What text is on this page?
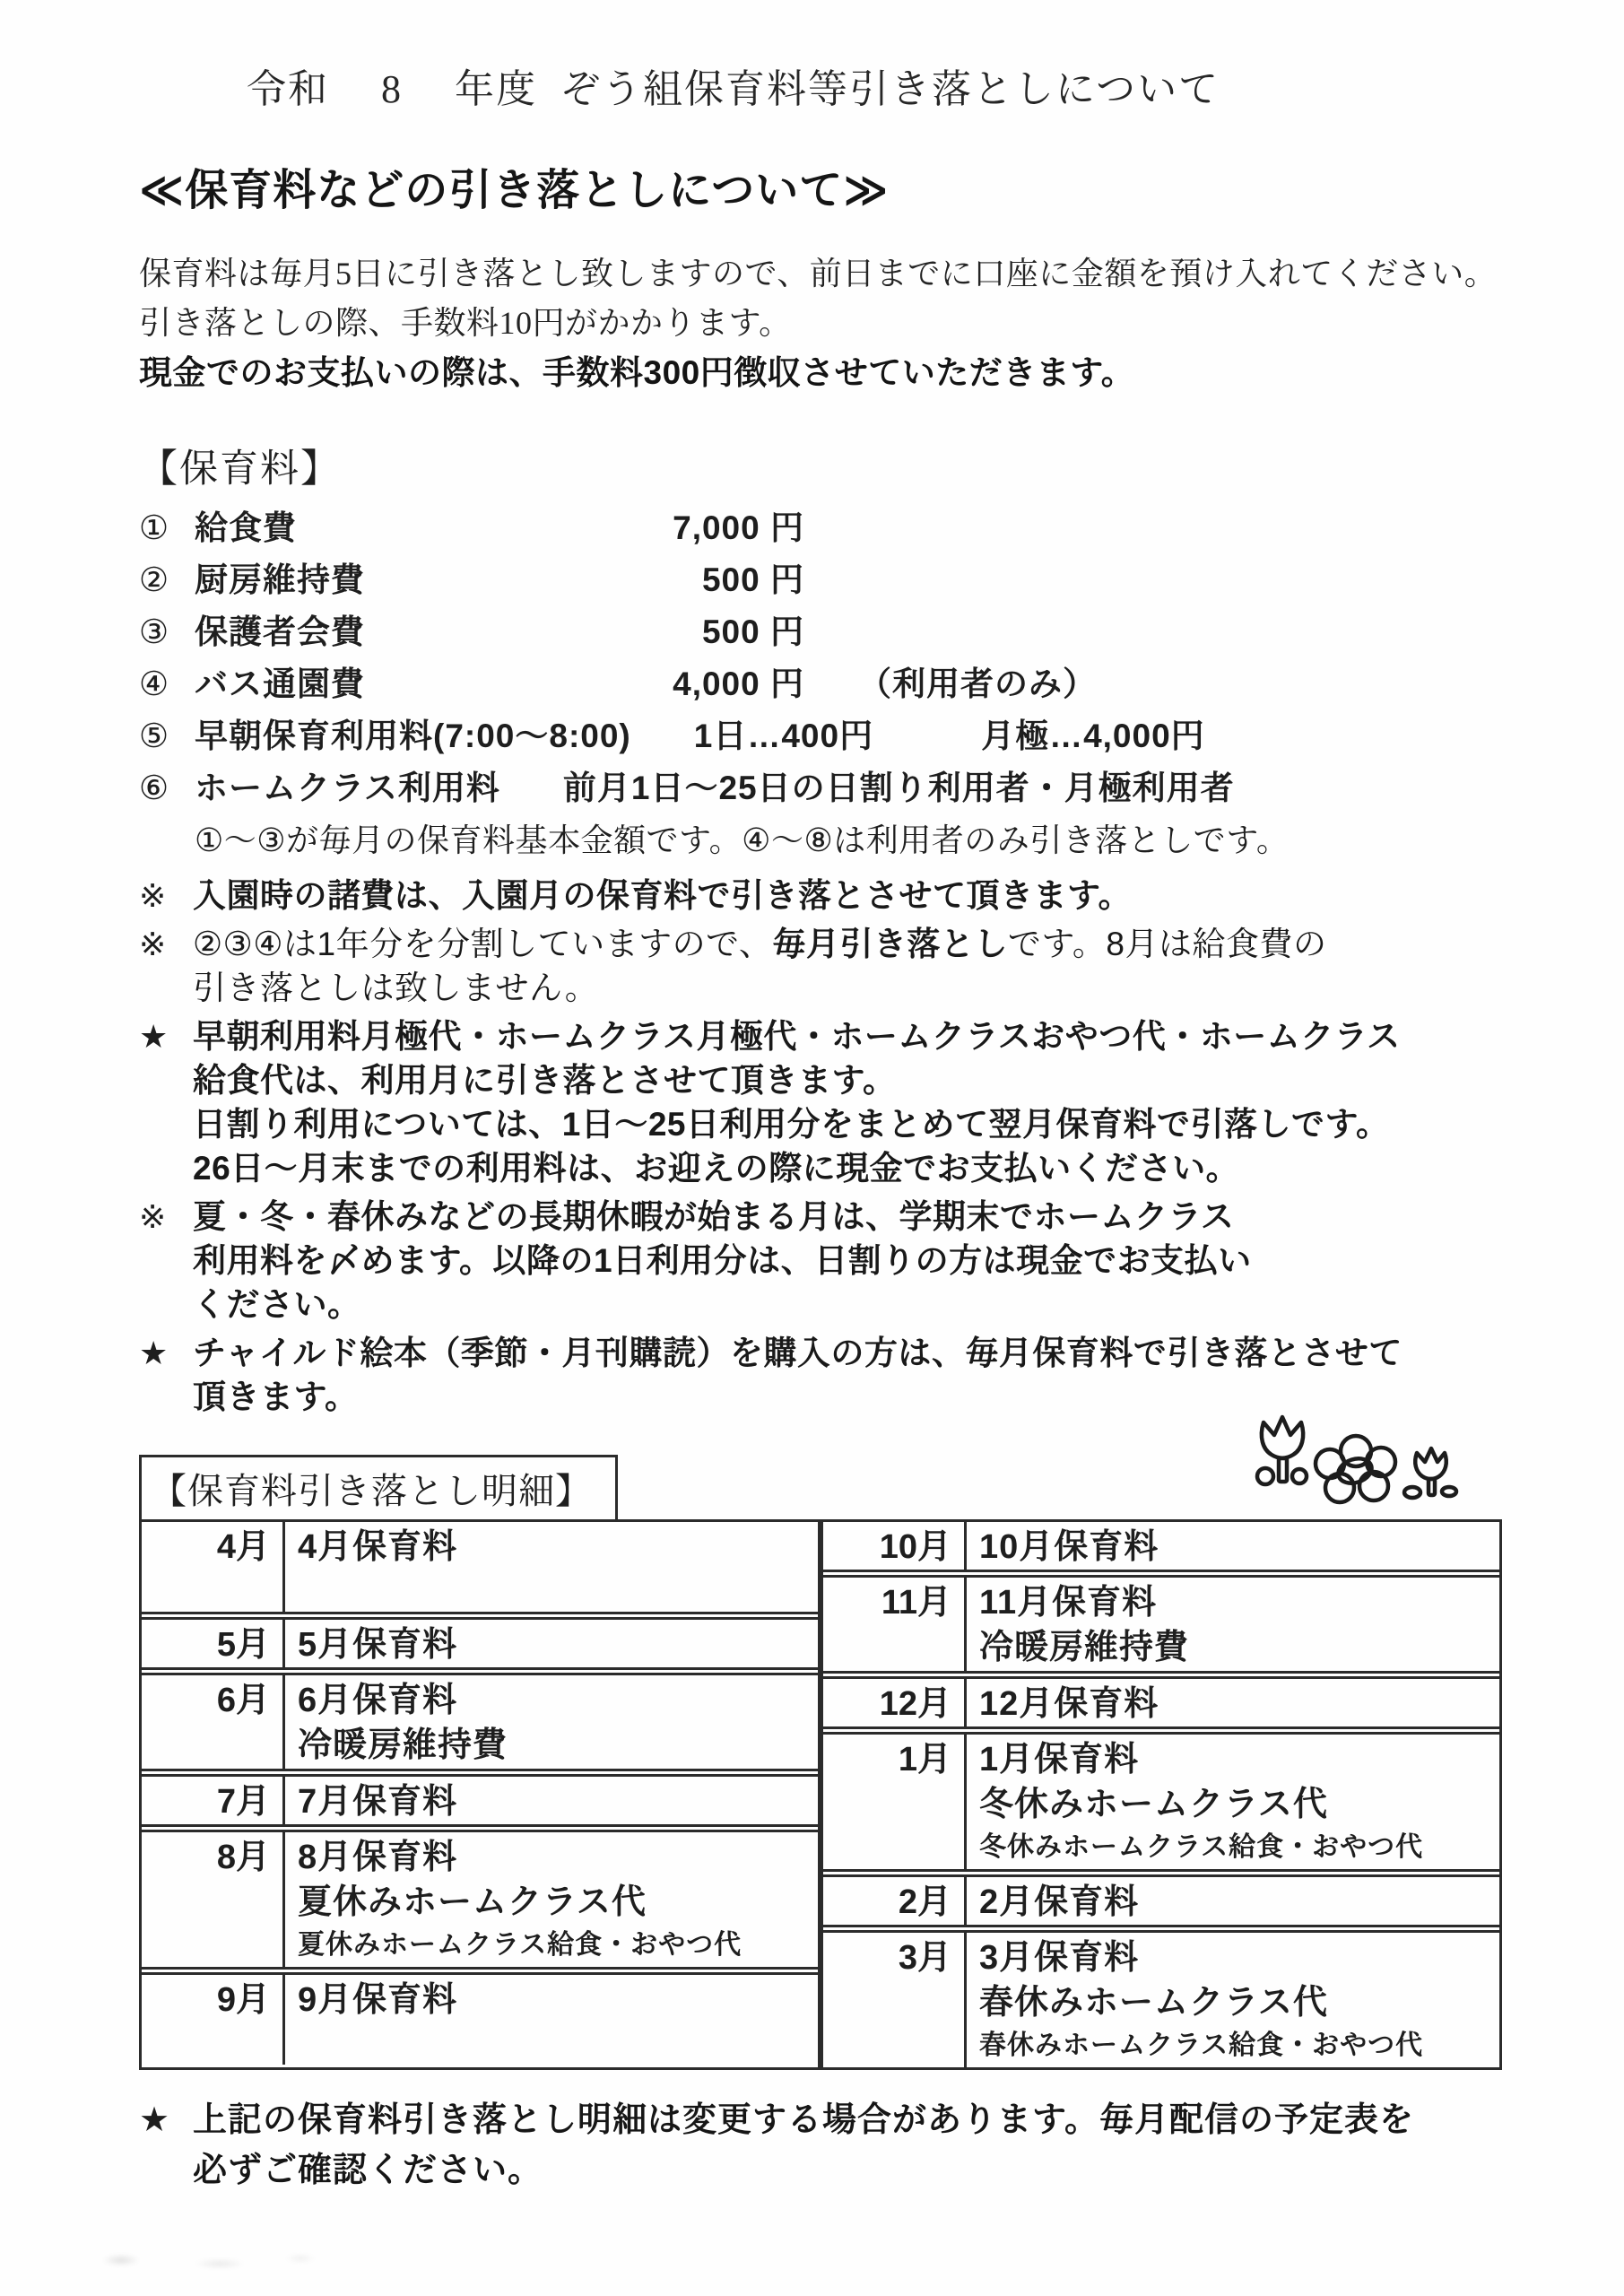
令和 8 年度 ぞう組保育料等引き落としについて
≪保育料などの引き落としについて≫
保育料は毎月5日に引き落とし致しますので、前日までに口座に金額を預け入れてください。
引き落としの際、手数料10円がかかります。
現金でのお支払いの際は、手数料300円徴収させていただきます。
【保育料】
① 給食費	7,000 円
② 厨房維持費	500 円
③ 保護者会費	500 円
④ バス通園費	4,000 円	（利用者のみ）
⑤ 早朝保育利用料(7:00～8:00) 1日…400円	月極…4,000円
⑥ ホームクラス利用料 前月1日～25日の日割り利用者・月極利用者
①～③が毎月の保育料基本金額です。④～⑧は利用者のみ引き落としです。
※ 入園時の諸費は、入園月の保育料で引き落とさせて頂きます。
※ ②③④は1年分を分割していますので、毎月引き落としです。8月は給食費の
引き落としは致しません。
★ 早朝利用料月極代・ホームクラス月極代・ホームクラスおやつ代・ホームクラス
給食代は、利用月に引き落とさせて頂きます。
日割り利用については、1日～25日利用分をまとめて翌月保育料で引落しです。
26日～月末までの利用料は、お迎えの際に現金でお支払いください。
※ 夏・冬・春休みなどの長期休暇が始まる月は、学期末でホームクラス
利用料を〆めます。以降の1日利用分は、日割りの方は現金でお支払い
ください。
★ チャイルド絵本（季節・月刊購読）を購入の方は、毎月保育料で引き落とさせて
頂きます。
【保育料引き落とし明細】
4月 4月保育料
5月 5月保育料
6月 6月保育料
冷暖房維持費
7月 7月保育料
8月 8月保育料
夏休みホームクラス代
夏休みホームクラス給食・おやつ代
9月 9月保育料
10月 10月保育料
11月 11月保育料
冷暖房維持費
12月 12月保育料
1月 1月保育料
冬休みホームクラス代
冬休みホームクラス給食・おやつ代
2月 2月保育料
3月 3月保育料
春休みホームクラス代
春休みホームクラス給食・おやつ代
★ 上記の保育料引き落とし明細は変更する場合があります。毎月配信の予定表を
必ずご確認ください。
